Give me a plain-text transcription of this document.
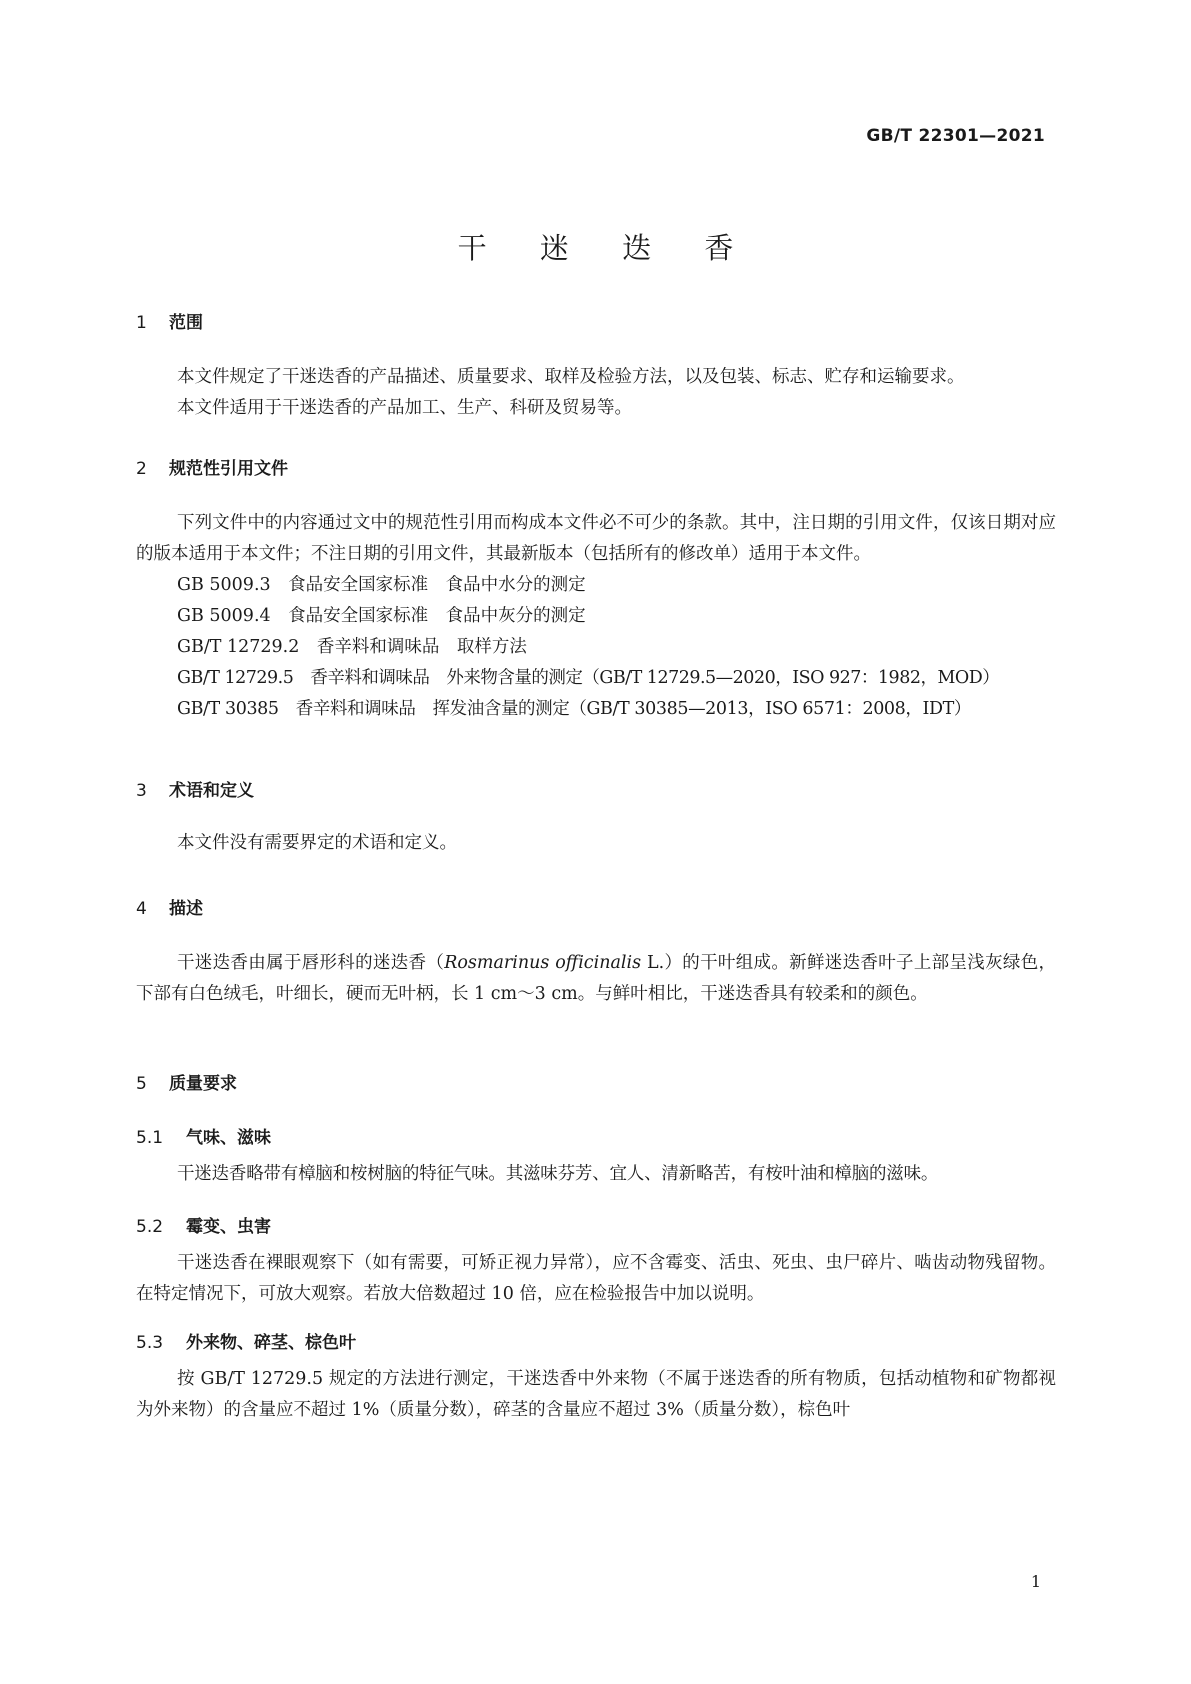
GB/T 22301—2021
干 迷 迭 香
1 范围

本文件规定了干迷迭香的产品描述、质量要求、取样及检验方法，以及包装、标志、贮存和运输要求。

本文件适用于干迷迭香的产品加工、生产、科研及贸易等。

2 规范性引用文件

下列文件中的内容通过文中的规范性引用而构成本文件必不可少的条款。其中，注日期的引用文件，仅该日期对应的版本适用于本文件；不注日期的引用文件，其最新版本（包括所有的修改单）适用于本文件。

GB 5009.3　食品安全国家标准　食品中水分的测定

GB 5009.4　食品安全国家标准　食品中灰分的测定

GB/T 12729.2　香辛料和调味品　取样方法

GB/T 12729.5　香辛料和调味品　外来物含量的测定（GB/T 12729.5—2020，ISO 927：1982，MOD）

GB/T 30385　香辛料和调味品　挥发油含量的测定（GB/T 30385—2013，ISO 6571：2008，IDT）

3 术语和定义

本文件没有需要界定的术语和定义。

4 描述

干迷迭香由属于唇形科的迷迭香（Rosmarinus officinalis L.）的干叶组成。新鲜迷迭香叶子上部呈浅灰绿色，下部有白色绒毛，叶细长，硬而无叶柄，长 1 cm～3 cm。与鲜叶相比，干迷迭香具有较柔和的颜色。

5 质量要求
5.1 气味、滋味

干迷迭香略带有樟脑和桉树脑的特征气味。其滋味芬芳、宜人、清新略苦，有桉叶油和樟脑的滋味。

5.2 霉变、虫害

干迷迭香在裸眼观察下（如有需要，可矫正视力异常），应不含霉变、活虫、死虫、虫尸碎片、啮齿动物残留物。在特定情况下，可放大观察。若放大倍数超过 10 倍，应在检验报告中加以说明。

5.3 外来物、碎茎、棕色叶

按 GB/T 12729.5 规定的方法进行测定，干迷迭香中外来物（不属于迷迭香的所有物质，包括动植物和矿物都视为外来物）的含量应不超过 1%（质量分数），碎茎的含量应不超过 3%（质量分数），棕色叶

1
